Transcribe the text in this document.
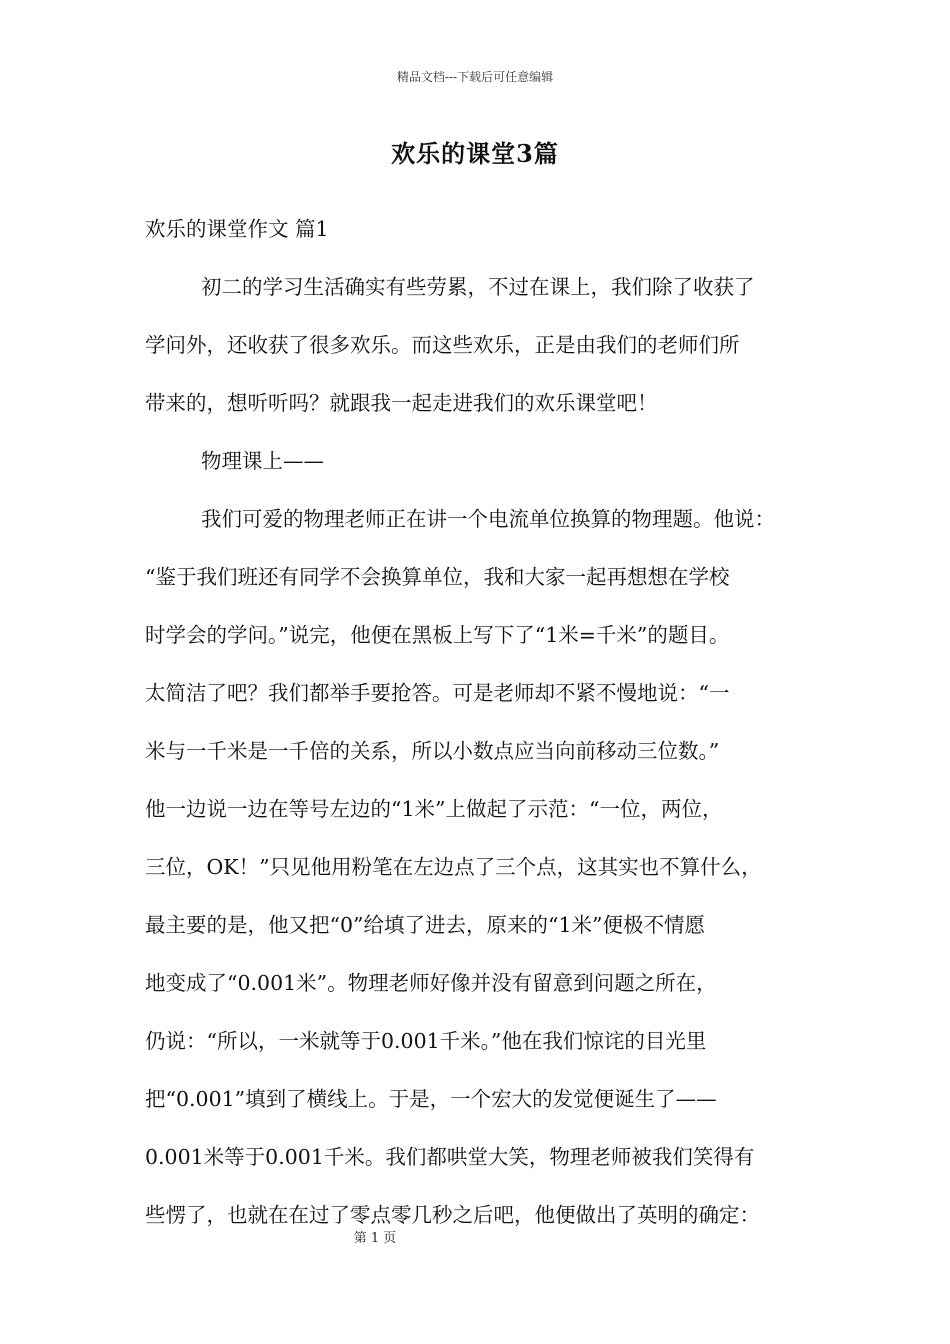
精品文档---下载后可任意编辑
欢乐的课堂3篇
欢乐的课堂作文 篇1
初二的学习生活确实有些劳累，不过在课上，我们除了收获了
学问外，还收获了很多欢乐。而这些欢乐，正是由我们的老师们所
带来的，想听听吗？就跟我一起走进我们的欢乐课堂吧！
物理课上——
我们可爱的物理老师正在讲一个电流单位换算的物理题。他说：
“鉴于我们班还有同学不会换算单位，我和大家一起再想想在学校
时学会的学问。”说完，他便在黑板上写下了“1米=千米”的题目。
太简洁了吧？我们都举手要抢答。可是老师却不紧不慢地说：“一
米与一千米是一千倍的关系，所以小数点应当向前移动三位数。”
他一边说一边在等号左边的“1米”上做起了示范：“一位，两位，
三位，OK！”只见他用粉笔在左边点了三个点，这其实也不算什么，
最主要的是，他又把“0”给填了进去，原来的“1米”便极不情愿
地变成了“0.001米”。物理老师好像并没有留意到问题之所在，
仍说：“所以，一米就等于0.001千米。”他在我们惊诧的目光里
把“0.001”填到了横线上。于是，一个宏大的发觉便诞生了——
0.001米等于0.001千米。我们都哄堂大笑，物理老师被我们笑得有
些愣了，也就在在过了零点零几秒之后吧，他便做出了英明的确定：
第 1 页
